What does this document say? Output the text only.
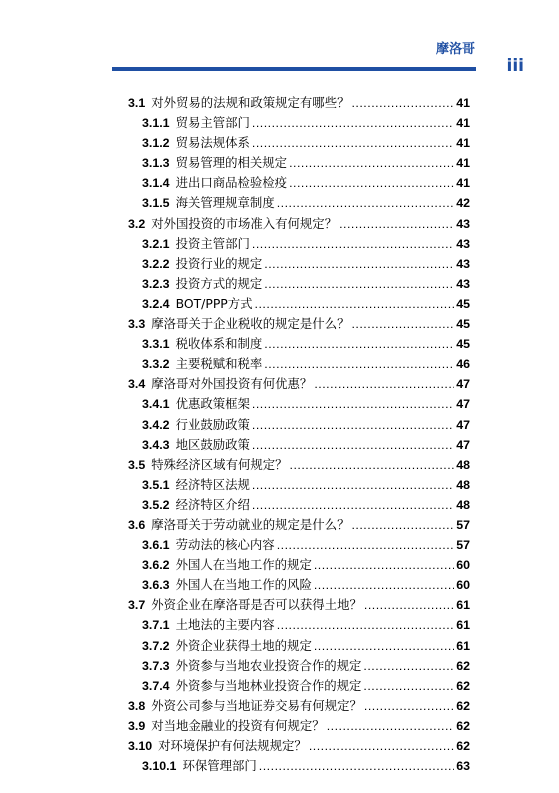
摩洛哥
iii
3.1 对外贸易的法规和政策规定有哪些？ .....	41
3.1.1 贸易主管部门 .....	41
3.1.2 贸易法规体系 .....	41
3.1.3 贸易管理的相关规定 .....	41
3.1.4 进出口商品检验检疫 .....	41
3.1.5 海关管理规章制度 .....	42
3.2 对外国投资的市场准入有何规定？ .....	43
3.2.1 投资主管部门 .....	43
3.2.2 投资行业的规定 .....	43
3.2.3 投资方式的规定 .....	43
3.2.4 BOT/PPP方式 .....	45
3.3 摩洛哥关于企业税收的规定是什么？ .....	45
3.3.1 税收体系和制度 .....	45
3.3.2 主要税赋和税率 .....	46
3.4 摩洛哥对外国投资有何优惠？ .....	47
3.4.1 优惠政策框架 .....	47
3.4.2 行业鼓励政策 .....	47
3.4.3 地区鼓励政策 .....	47
3.5 特殊经济区域有何规定？ .....	48
3.5.1 经济特区法规 .....	48
3.5.2 经济特区介绍 .....	48
3.6 摩洛哥关于劳动就业的规定是什么？ .....	57
3.6.1 劳动法的核心内容 .....	57
3.6.2 外国人在当地工作的规定 .....	60
3.6.3 外国人在当地工作的风险 .....	60
3.7 外资企业在摩洛哥是否可以获得土地？ .....	61
3.7.1 土地法的主要内容 .....	61
3.7.2 外资企业获得土地的规定 .....	61
3.7.3 外资参与当地农业投资合作的规定 .....	62
3.7.4 外资参与当地林业投资合作的规定 .....	62
3.8 外资公司参与当地证券交易有何规定？ .....	62
3.9 对当地金融业的投资有何规定？ .....	62
3.10 对环境保护有何法规规定？ .....	62
3.10.1 环保管理部门 .....	63
